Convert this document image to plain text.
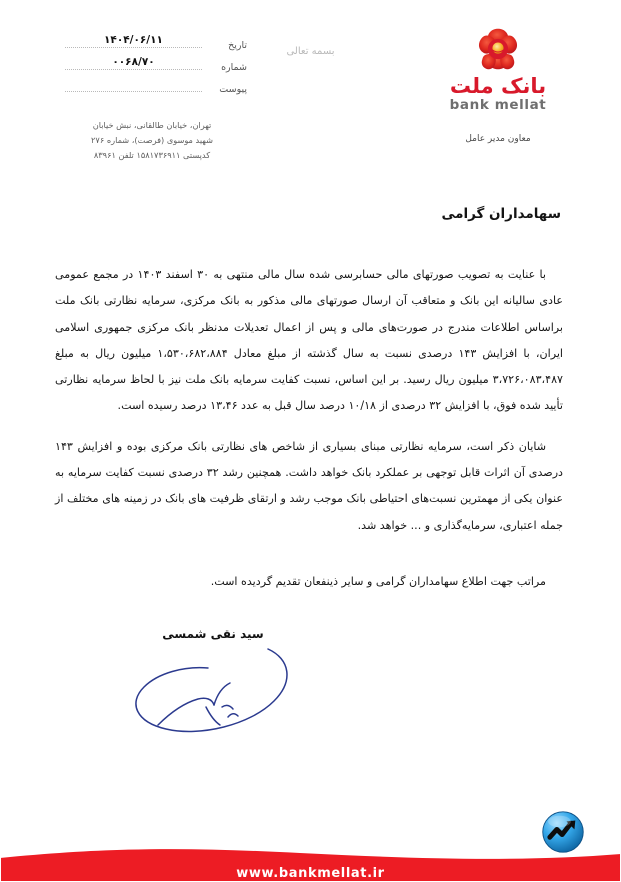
تاریخ
۱۴۰۴/۰۶/۱۱
شماره
۰۰۶۸/۷۰
پیوست
تهران، خیابان طالقانی، نبش خیابان
شهید موسوی (فرصت)، شماره ۲۷۶
کدپستی ۱۵۸۱۷۳۶۹۱۱ تلفن ۸۳۹۶۱
بسمه تعالی
بانک ملت
bank mellat
معاون مدیر عامل
سهامداران گرامی

با عنایت به تصویب صورتهای مالی حسابرسی شده سال مالی منتهی به ۳۰ اسفند ۱۴۰۳ در مجمع عمومی عادی سالیانه این بانک و متعاقب آن ارسال صورتهای مالی مذکور به بانک مرکزی، سرمایه نظارتی بانک ملت براساس اطلاعات مندرج در صورت‌های مالی و پس از اعمال تعدیلات مدنظر بانک مرکزی جمهوری اسلامی ایران، با افزایش ۱۴۳ درصدی نسبت به سال گذشته از مبلغ معادل ۱،۵۳۰،۶۸۲،۸۸۴ میلیون ریال به مبلغ ۳،۷۲۶،۰۸۳،۴۸۷ میلیون ریال رسید. بر این اساس، نسبت کفایت سرمایه بانک ملت نیز با لحاظ سرمایه نظارتی تأیید شده فوق، با افزایش ۳۲ درصدی از ۱۰/۱۸ درصد سال قبل به عدد ۱۳،۴۶ درصد رسیده است.

شایان ذکر است، سرمایه نظارتی مبنای بسیاری از شاخص های نظارتی بانک مرکزی بوده و افزایش ۱۴۳ درصدی آن اثرات قابل توجهی بر عملکرد بانک خواهد داشت. همچنین رشد ۳۲ درصدی نسبت کفایت سرمایه به عنوان یکی از مهمترین نسبت‌های احتیاطی بانک موجب رشد و ارتقای ظرفیت های بانک در زمینه های مختلف از جمله اعتباری، سرمایه‌گذاری و ... خواهد شد.

مراتب جهت اطلاع سهامداران گرامی و سایر ذینفعان تقدیم گردیده است.
سید نقی شمسی
www.bankmellat.ir
